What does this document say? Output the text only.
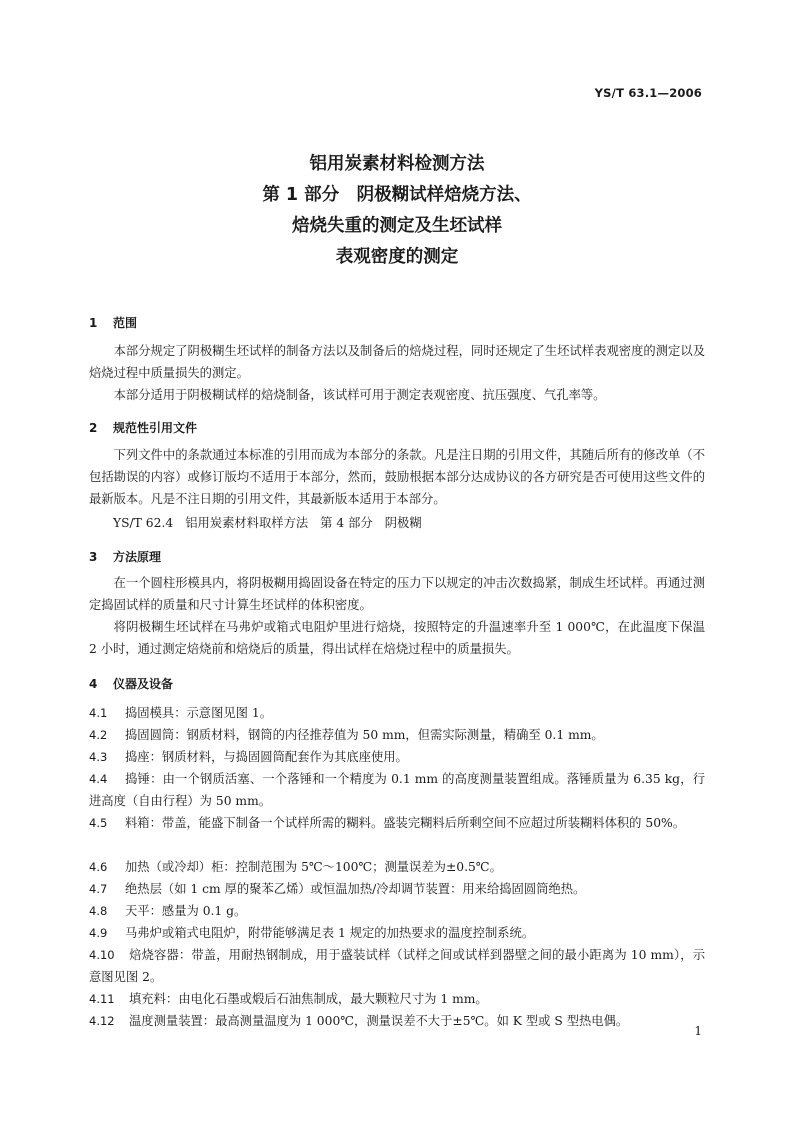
YS/T 63.1—2006
铝用炭素材料检测方法
第 1 部分　阴极糊试样焙烧方法、
焙烧失重的测定及生坯试样
表观密度的测定
1 范围

本部分规定了阴极糊生坯试样的制备方法以及制备后的焙烧过程，同时还规定了生坯试样表观密度的测定以及焙烧过程中质量损失的测定。

本部分适用于阴极糊试样的焙烧制备，该试样可用于测定表观密度、抗压强度、气孔率等。

2 规范性引用文件

下列文件中的条款通过本标准的引用而成为本部分的条款。凡是注日期的引用文件，其随后所有的修改单（不包括勘误的内容）或修订版均不适用于本部分，然而，鼓励根据本部分达成协议的各方研究是否可使用这些文件的最新版本。凡是不注日期的引用文件，其最新版本适用于本部分。

YS/T 62.4 铝用炭素材料取样方法 第 4 部分 阴极糊
3 方法原理

在一个圆柱形模具内，将阴极糊用捣固设备在特定的压力下以规定的冲击次数捣紧，制成生坯试样。再通过测定捣固试样的质量和尺寸计算生坯试样的体积密度。

将阴极糊生坯试样在马弗炉或箱式电阻炉里进行焙烧，按照特定的升温速率升至 1 000℃，在此温度下保温 2 小时，通过测定焙烧前和焙烧后的质量，得出试样在焙烧过程中的质量损失。

4 仪器及设备

4.1 捣固模具：示意图见图 1。

4.2 捣固圆筒：钢质材料，钢筒的内径推荐值为 50 mm，但需实际测量，精确至 0.1 mm。

4.3 捣座：钢质材料，与捣固圆筒配套作为其底座使用。

4.4 捣锤：由一个钢质活塞、一个落锤和一个精度为 0.1 mm 的高度测量装置组成。落锤质量为 6.35 kg，行进高度（自由行程）为 50 mm。

4.5 料箱：带盖，能盛下制备一个试样所需的糊料。盛装完糊料后所剩空间不应超过所装糊料体积的 50%。

4.6 加热（或冷却）柜：控制范围为 5℃～100℃；测量误差为±0.5℃。

4.7 绝热层（如 1 cm 厚的聚苯乙烯）或恒温加热/冷却调节装置：用来给捣固圆筒绝热。

4.8 天平：感量为 0.1 g。

4.9 马弗炉或箱式电阻炉，附带能够满足表 1 规定的加热要求的温度控制系统。

4.10 焙烧容器：带盖，用耐热钢制成，用于盛装试样（试样之间或试样到器壁之间的最小距离为 10 mm），示意图见图 2。

4.11 填充料：由电化石墨或煅后石油焦制成，最大颗粒尺寸为 1 mm。

4.12 温度测量装置：最高测量温度为 1 000℃，测量误差不大于±5℃。如 K 型或 S 型热电偶。

1
